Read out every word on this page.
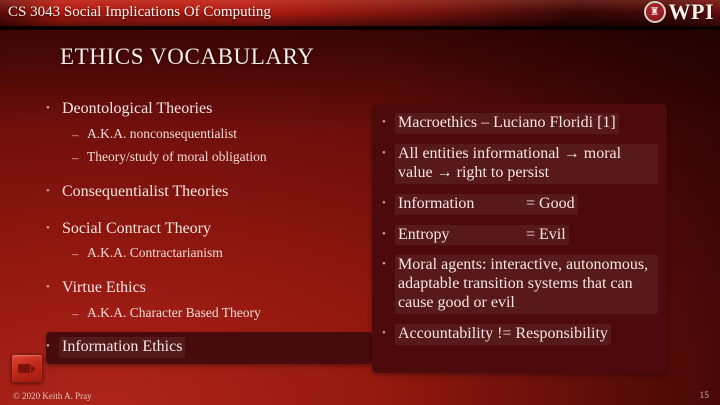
CS 3043 Social Implications Of Computing	♜ WPI
ETHICS VOCABULARY
•
Deontological Theories
–
A.K.A. nonconsequentialist
–
Theory/study of moral obligation
•
Consequentialist Theories
•
Social Contract Theory
–
A.K.A. Contractarianism
•
Virtue Ethics
–
A.K.A. Character Based Theory
•
Information Ethics
•
Macroethics – Luciano Floridi [1]
•
All entities informational → moral value → right to persist
•
Information	= Good
•
Entropy	= Evil
•
Moral agents: interactive, autonomous, adaptable transition systems that can cause good or evil
•
Accountability != Responsibility
© 2020 Keith A. Pray	15
